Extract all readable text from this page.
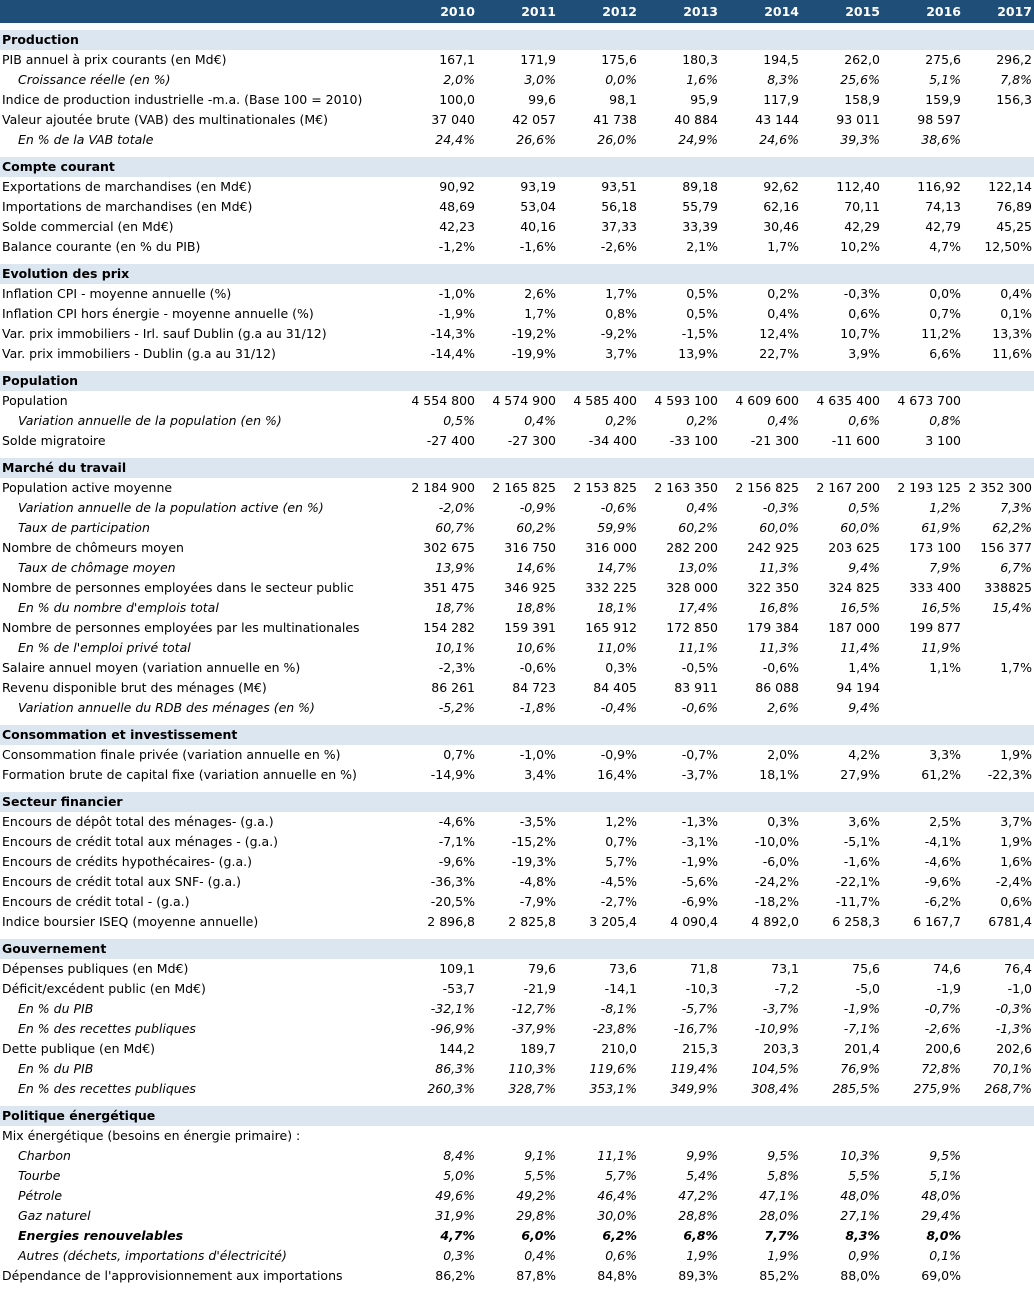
	2010	2011	2012	2013	2014	2015	2016	2017

Production								
PIB annuel à prix courants (en Md€)	167,1	171,9	175,6	180,3	194,5	262,0	275,6	296,2
Croissance réelle (en %)	2,0%	3,0%	0,0%	1,6%	8,3%	25,6%	5,1%	7,8%
Indice de production industrielle -m.a. (Base 100 = 2010)	100,0	99,6	98,1	95,9	117,9	158,9	159,9	156,3
Valeur ajoutée brute (VAB) des multinationales (M€)	37 040	42 057	41 738	40 884	43 144	93 011	98 597	
En % de la VAB totale	24,4%	26,6%	26,0%	24,9%	24,6%	39,3%	38,6%	

Compte courant								
Exportations de marchandises (en Md€)	90,92	93,19	93,51	89,18	92,62	112,40	116,92	122,14
Importations de marchandises (en Md€)	48,69	53,04	56,18	55,79	62,16	70,11	74,13	76,89
Solde commercial (en Md€)	42,23	40,16	37,33	33,39	30,46	42,29	42,79	45,25
Balance courante (en % du PIB)	-1,2%	-1,6%	-2,6%	2,1%	1,7%	10,2%	4,7%	12,50%

Evolution des prix								
Inflation CPI - moyenne annuelle (%)	-1,0%	2,6%	1,7%	0,5%	0,2%	-0,3%	0,0%	0,4%
Inflation CPI hors énergie - moyenne annuelle (%)	-1,9%	1,7%	0,8%	0,5%	0,4%	0,6%	0,7%	0,1%
Var. prix immobiliers - Irl. sauf Dublin (g.a au 31/12)	-14,3%	-19,2%	-9,2%	-1,5%	12,4%	10,7%	11,2%	13,3%
Var. prix immobiliers - Dublin (g.a au 31/12)	-14,4%	-19,9%	3,7%	13,9%	22,7%	3,9%	6,6%	11,6%

Population								
Population	4 554 800	4 574 900	4 585 400	4 593 100	4 609 600	4 635 400	4 673 700	
Variation annuelle de la population (en %)	0,5%	0,4%	0,2%	0,2%	0,4%	0,6%	0,8%	
Solde migratoire	-27 400	-27 300	-34 400	-33 100	-21 300	-11 600	3 100	

Marché du travail								
Population active moyenne	2 184 900	2 165 825	2 153 825	2 163 350	2 156 825	2 167 200	2 193 125	2 352 300
Variation annuelle de la population active (en %)	-2,0%	-0,9%	-0,6%	0,4%	-0,3%	0,5%	1,2%	7,3%
Taux de participation	60,7%	60,2%	59,9%	60,2%	60,0%	60,0%	61,9%	62,2%
Nombre de chômeurs moyen	302 675	316 750	316 000	282 200	242 925	203 625	173 100	156 377
Taux de chômage moyen	13,9%	14,6%	14,7%	13,0%	11,3%	9,4%	7,9%	6,7%
Nombre de personnes employées dans le secteur public	351 475	346 925	332 225	328 000	322 350	324 825	333 400	338825
En % du nombre d'emplois total	18,7%	18,8%	18,1%	17,4%	16,8%	16,5%	16,5%	15,4%
Nombre de personnes employées par les multinationales	154 282	159 391	165 912	172 850	179 384	187 000	199 877	
En % de l'emploi privé total	10,1%	10,6%	11,0%	11,1%	11,3%	11,4%	11,9%	
Salaire annuel moyen (variation annuelle en %)	-2,3%	-0,6%	0,3%	-0,5%	-0,6%	1,4%	1,1%	1,7%
Revenu disponible brut des ménages (M€)	86 261	84 723	84 405	83 911	86 088	94 194		
Variation annuelle du RDB des ménages (en %)	-5,2%	-1,8%	-0,4%	-0,6%	2,6%	9,4%		

Consommation et investissement								
Consommation finale privée (variation annuelle en %)	0,7%	-1,0%	-0,9%	-0,7%	2,0%	4,2%	3,3%	1,9%
Formation brute de capital fixe (variation annuelle en %)	-14,9%	3,4%	16,4%	-3,7%	18,1%	27,9%	61,2%	-22,3%

Secteur financier								
Encours de dépôt total des ménages- (g.a.)	-4,6%	-3,5%	1,2%	-1,3%	0,3%	3,6%	2,5%	3,7%
Encours de crédit total aux ménages - (g.a.)	-7,1%	-15,2%	0,7%	-3,1%	-10,0%	-5,1%	-4,1%	1,9%
Encours de crédits hypothécaires- (g.a.)	-9,6%	-19,3%	5,7%	-1,9%	-6,0%	-1,6%	-4,6%	1,6%
Encours de crédit total aux SNF- (g.a.)	-36,3%	-4,8%	-4,5%	-5,6%	-24,2%	-22,1%	-9,6%	-2,4%
Encours de crédit total - (g.a.)	-20,5%	-7,9%	-2,7%	-6,9%	-18,2%	-11,7%	-6,2%	0,6%
Indice boursier ISEQ (moyenne annuelle)	2 896,8	2 825,8	3 205,4	4 090,4	4 892,0	6 258,3	6 167,7	6781,4

Gouvernement								
Dépenses publiques (en Md€)	109,1	79,6	73,6	71,8	73,1	75,6	74,6	76,4
Déficit/excédent public (en Md€)	-53,7	-21,9	-14,1	-10,3	-7,2	-5,0	-1,9	-1,0
En % du PIB	-32,1%	-12,7%	-8,1%	-5,7%	-3,7%	-1,9%	-0,7%	-0,3%
En % des recettes publiques	-96,9%	-37,9%	-23,8%	-16,7%	-10,9%	-7,1%	-2,6%	-1,3%
Dette publique (en Md€)	144,2	189,7	210,0	215,3	203,3	201,4	200,6	202,6
En % du PIB	86,3%	110,3%	119,6%	119,4%	104,5%	76,9%	72,8%	70,1%
En % des recettes publiques	260,3%	328,7%	353,1%	349,9%	308,4%	285,5%	275,9%	268,7%

Politique énergétique								
Mix énergétique (besoins en énergie primaire) :								
Charbon	8,4%	9,1%	11,1%	9,9%	9,5%	10,3%	9,5%	
Tourbe	5,0%	5,5%	5,7%	5,4%	5,8%	5,5%	5,1%	
Pétrole	49,6%	49,2%	46,4%	47,2%	47,1%	48,0%	48,0%	
Gaz naturel	31,9%	29,8%	30,0%	28,8%	28,0%	27,1%	29,4%	
Energies renouvelables	4,7%	6,0%	6,2%	6,8%	7,7%	8,3%	8,0%	
Autres (déchets, importations d'électricité)	0,3%	0,4%	0,6%	1,9%	1,9%	0,9%	0,1%	
Dépendance de l'approvisionnement aux importations	86,2%	87,8%	84,8%	89,3%	85,2%	88,0%	69,0%	
